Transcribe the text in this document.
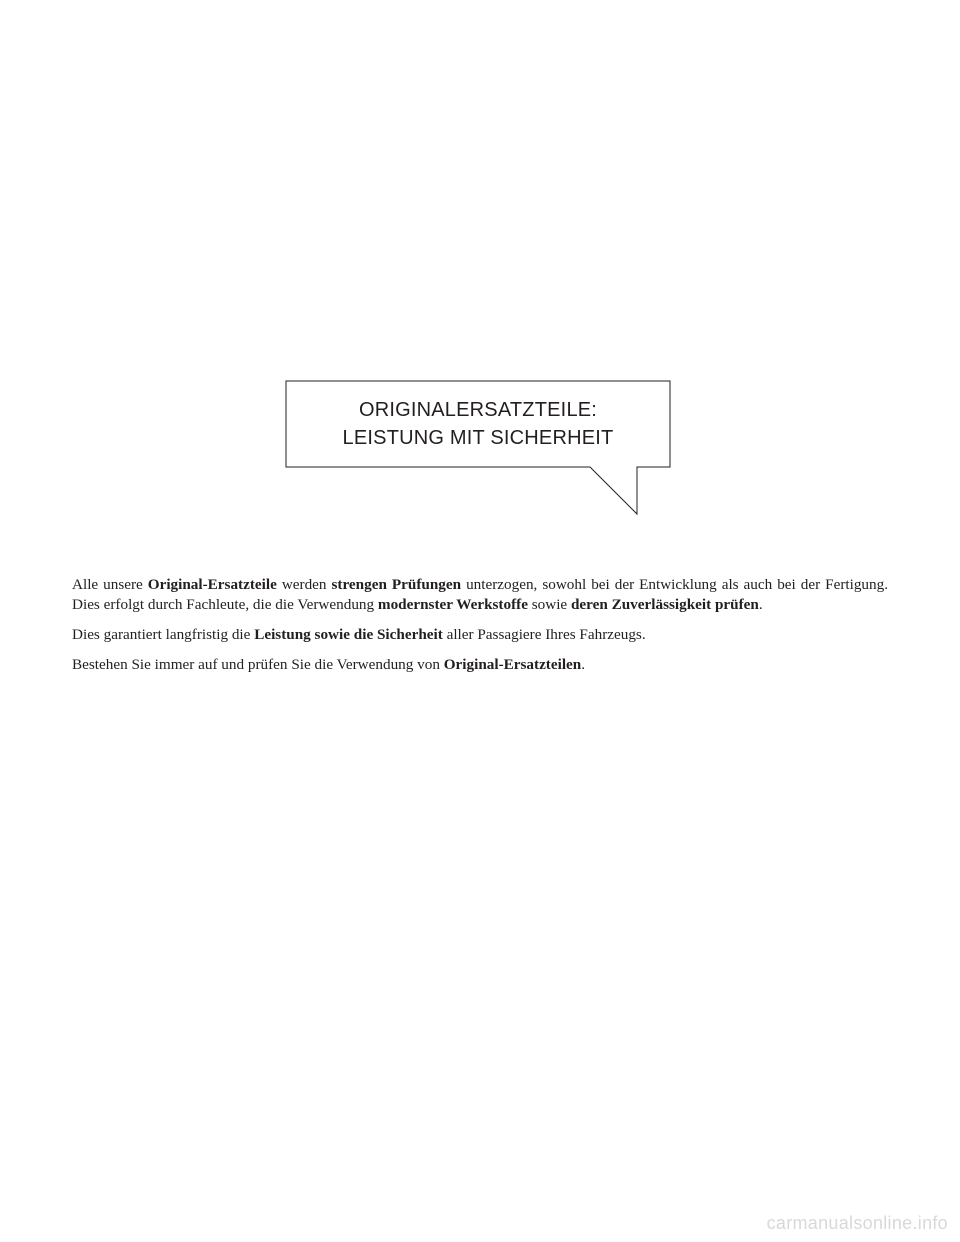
ORIGINALERSATZTEILE:
LEISTUNG MIT SICHERHEIT

Alle unsere Original-Ersatzteile werden strengen Prüfungen unterzogen, sowohl bei der Entwicklung als auch bei der Fertigung. Dies erfolgt durch Fachleute, die die Verwendung modernster Werkstoffe sowie deren Zuverlässigkeit prüfen.

Dies garantiert langfristig die Leistung sowie die Sicherheit aller Passagiere Ihres Fahrzeugs.

Bestehen Sie immer auf und prüfen Sie die Verwendung von Original-Ersatzteilen.

carmanualsonline.info
